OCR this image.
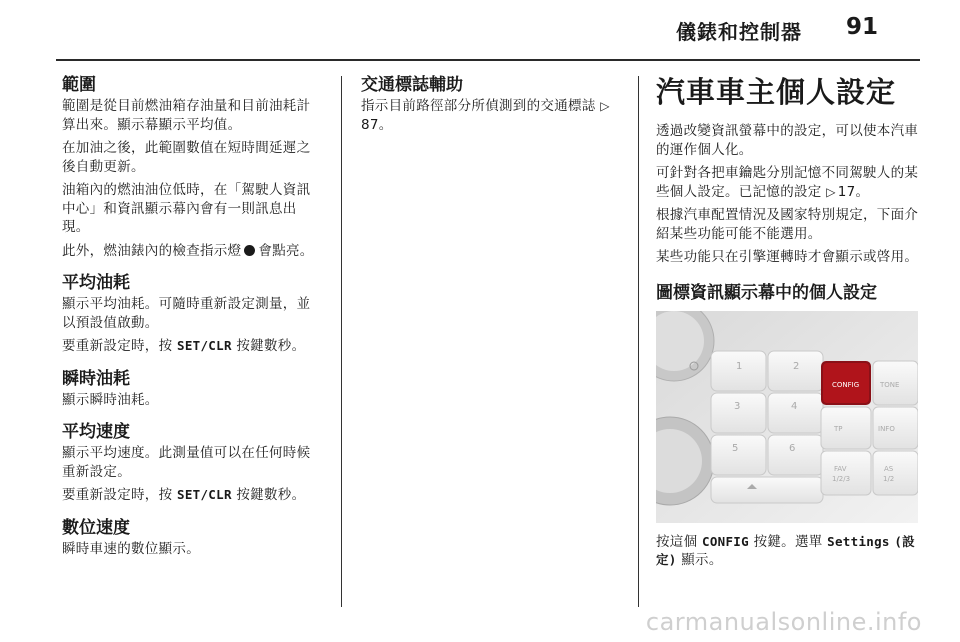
儀錶和控制器 91
範圍

範圍是從目前燃油箱存油量和目前油耗計算出來。顯示幕顯示平均值。

在加油之後，此範圍數值在短時間延遲之後自動更新。

油箱內的燃油油位低時，在「駕駛人資訊中心」和資訊顯示幕內會有一則訊息出現。

此外，燃油錶內的檢查指示燈 會點亮。

平均油耗

顯示平均油耗。可隨時重新設定測量，並以預設值啟動。

要重新設定時，按 SET/CLR 按鍵數秒。

瞬時油耗

顯示瞬時油耗。

平均速度

顯示平均速度。此測量值可以在任何時候重新設定。

要重新設定時，按 SET/CLR 按鍵數秒。

數位速度

瞬時車速的數位顯示。

交通標誌輔助

指示目前路徑部分所偵測到的交通標誌 ▷87。

汽車車主個人設定

透過改變資訊螢幕中的設定，可以使本汽車的運作個人化。

可針對各把車鑰匙分別記憶不同駕駛人的某些個人設定。已記憶的設定 ▷ 17。

根據汽車配置情況及國家特別規定，下面介紹某些功能可能不能選用。

某些功能只在引擎運轉時才會顯示或啓用。

圖標資訊顯示幕中的個人設定
1	2
3	4
5	6
CONFIG	TONE
TP	INFO
FAV
1/2/3
AS
1/2

按這個 CONFIG 按鍵。選單 Settings (設定) 顯示。

carmanualsonline.info
